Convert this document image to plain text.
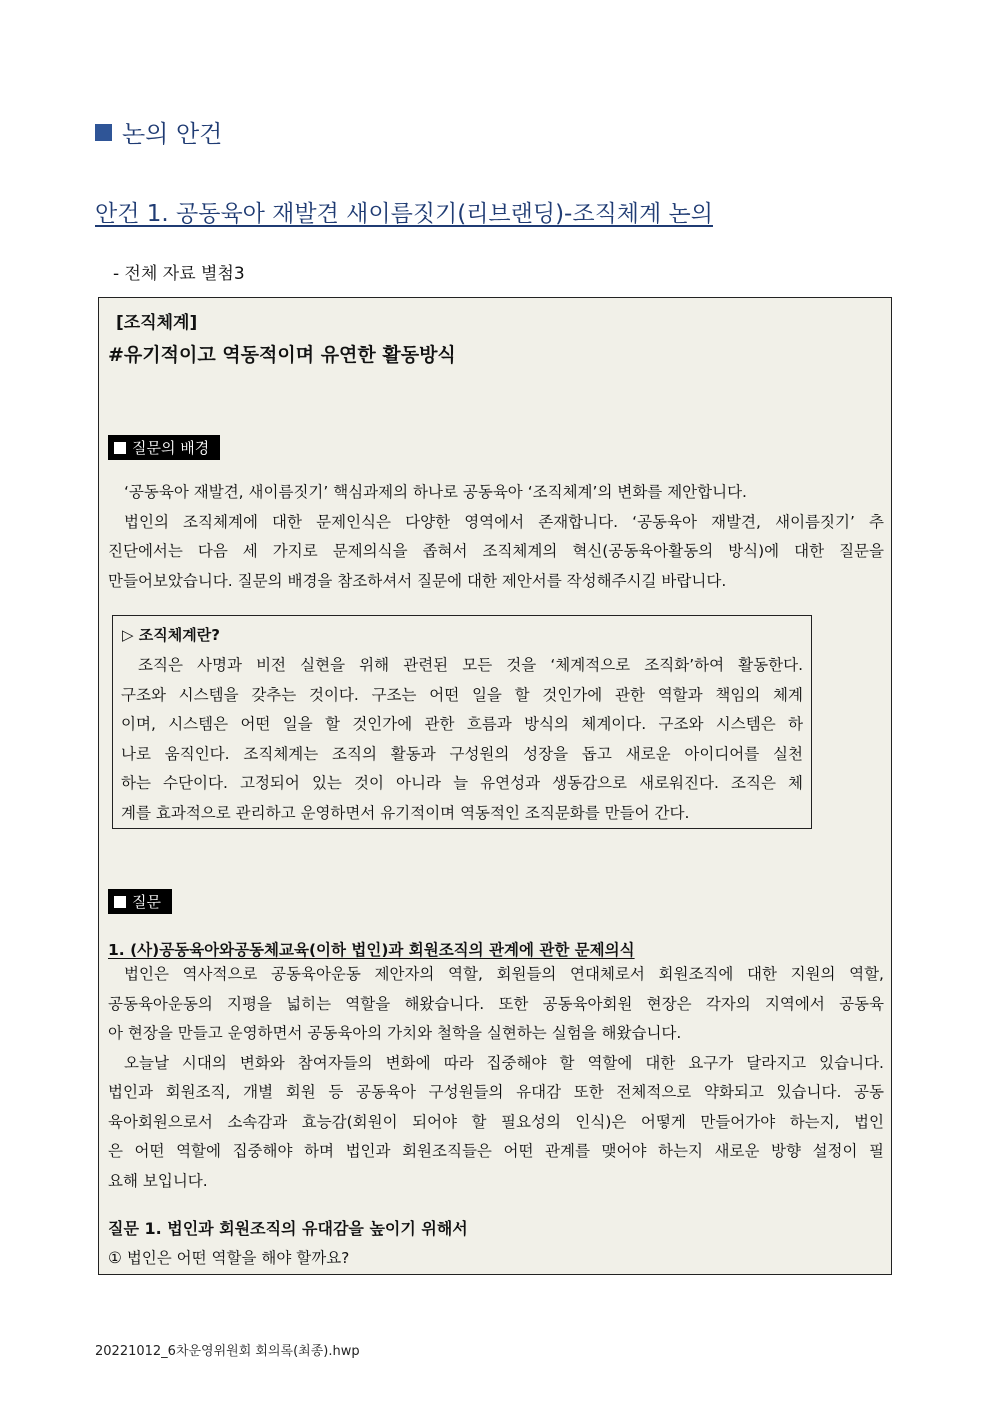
논의 안건
안건 1. 공동육아 재발견 새이름짓기(리브랜딩)-조직체계 논의
- 전체 자료 별첨3
[조직체계]
#유기적이고 역동적이며 유연한 활동방식
질문의 배경
‘공동육아 재발견, 새이름짓기’ 핵심과제의 하나로 공동육아 ‘조직체계’의 변화를 제안합니다.
법인의 조직체계에 대한 문제인식은 다양한 영역에서 존재합니다. ‘공동육아 재발견, 새이름짓기’ 추
진단에서는 다음 세 가지로 문제의식을 좁혀서 조직체계의 혁신(공동육아활동의 방식)에 대한 질문을
만들어보았습니다. 질문의 배경을 참조하셔서 질문에 대한 제안서를 작성해주시길 바랍니다.
▷ 조직체계란?
조직은 사명과 비전 실현을 위해 관련된 모든 것을 ‘체계적으로 조직화’하여 활동한다.
구조와 시스템을 갖추는 것이다. 구조는 어떤 일을 할 것인가에 관한 역할과 책임의 체계
이며, 시스템은 어떤 일을 할 것인가에 관한 흐름과 방식의 체계이다. 구조와 시스템은 하
나로 움직인다. 조직체계는 조직의 활동과 구성원의 성장을 돕고 새로운 아이디어를 실천
하는 수단이다. 고정되어 있는 것이 아니라 늘 유연성과 생동감으로 새로워진다. 조직은 체
계를 효과적으로 관리하고 운영하면서 유기적이며 역동적인 조직문화를 만들어 간다.
질문
1. (사)공동육아와공동체교육(이하 법인)과 회원조직의 관계에 관한 문제의식
법인은 역사적으로 공동육아운동 제안자의 역할, 회원들의 연대체로서 회원조직에 대한 지원의 역할,
공동육아운동의 지평을 넓히는 역할을 해왔습니다. 또한 공동육아회원 현장은 각자의 지역에서 공동육
아 현장을 만들고 운영하면서 공동육아의 가치와 철학을 실현하는 실험을 해왔습니다.
오늘날 시대의 변화와 참여자들의 변화에 따라 집중해야 할 역할에 대한 요구가 달라지고 있습니다.
법인과 회원조직, 개별 회원 등 공동육아 구성원들의 유대감 또한 전체적으로 약화되고 있습니다. 공동
육아회원으로서 소속감과 효능감(회원이 되어야 할 필요성의 인식)은 어떻게 만들어가야 하는지, 법인
은 어떤 역할에 집중해야 하며 법인과 회원조직들은 어떤 관계를 맺어야 하는지 새로운 방향 설정이 필
요해 보입니다.
질문 1. 법인과 회원조직의 유대감을 높이기 위해서
① 법인은 어떤 역할을 해야 할까요?
20221012_6차운영위원회 회의록(최종).hwp
